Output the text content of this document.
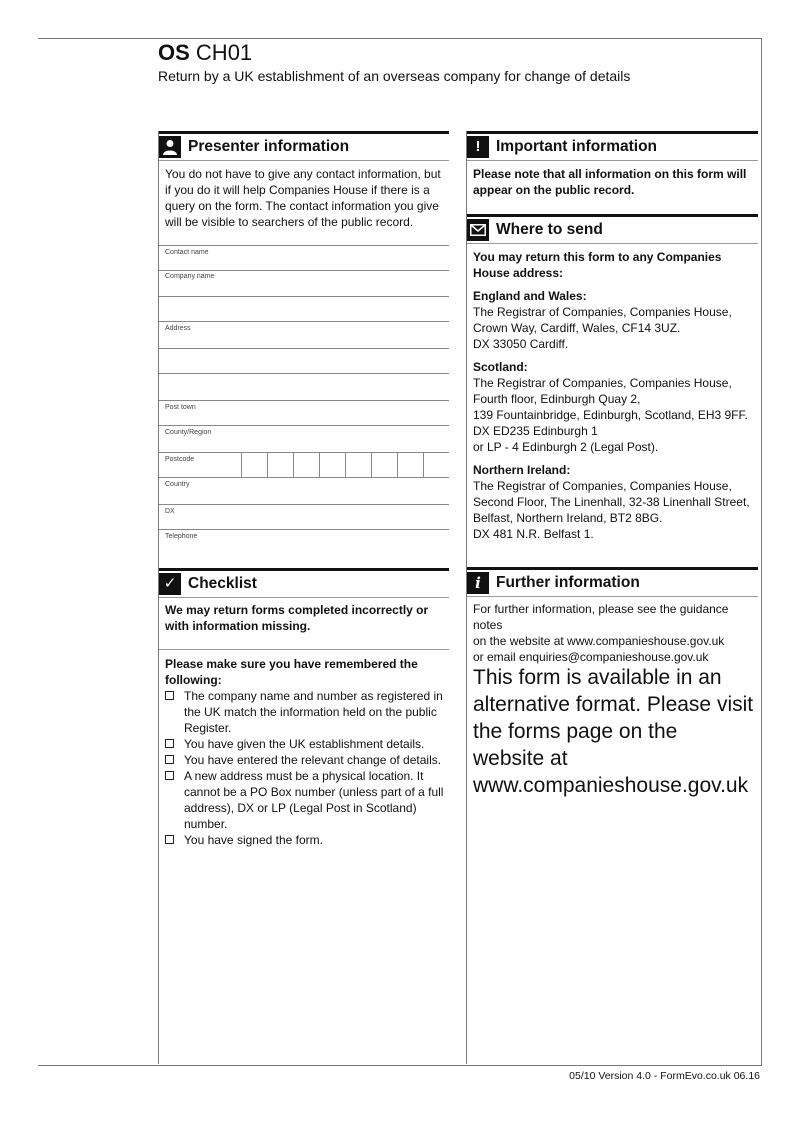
OS CH01
Return by a UK establishment of an overseas company for change of details
Presenter information

You do not have to give any contact information, but if you do it will help Companies House if there is a query on the form. The contact information you give will be visible to searchers of the public record.

Contact name
Company name
Address
Post town
County/Region
Postcode
Country
DX
Telephone
✓ Checklist

We may return forms completed incorrectly or with information missing.

Please make sure you have remembered the following:

The company name and number as registered in the UK match the information held on the public Register.
You have given the UK establishment details.
You have entered the relevant change of details.
A new address must be a physical location. It cannot be a PO Box number (unless part of a full address), DX or LP (Legal Post in Scotland) number.
You have signed the form.
!	Important information

Please note that all information on this form will appear on the public record.

Where to send
You may return this form to any Companies House address:
England and Wales:
The Registrar of Companies, Companies House,
Crown Way, Cardiff, Wales, CF14 3UZ.
DX 33050 Cardiff.
Scotland:
The Registrar of Companies, Companies House,
Fourth floor, Edinburgh Quay 2,
139 Fountainbridge, Edinburgh, Scotland, EH3 9FF.
DX ED235 Edinburgh 1
or LP - 4 Edinburgh 2 (Legal Post).
Northern Ireland:
The Registrar of Companies, Companies House,
Second Floor, The Linenhall, 32-38 Linenhall Street,
Belfast, Northern Ireland, BT2 8BG.
DX 481 N.R. Belfast 1.
i Further information
For further information, please see the guidance notes
on the website at www.companieshouse.gov.uk
or email enquiries@companieshouse.gov.uk

This form is available in an alternative format. Please visit the forms page on the website at www.companieshouse.gov.uk

05/10 Version 4.0 - FormEvo.co.uk 06.16
